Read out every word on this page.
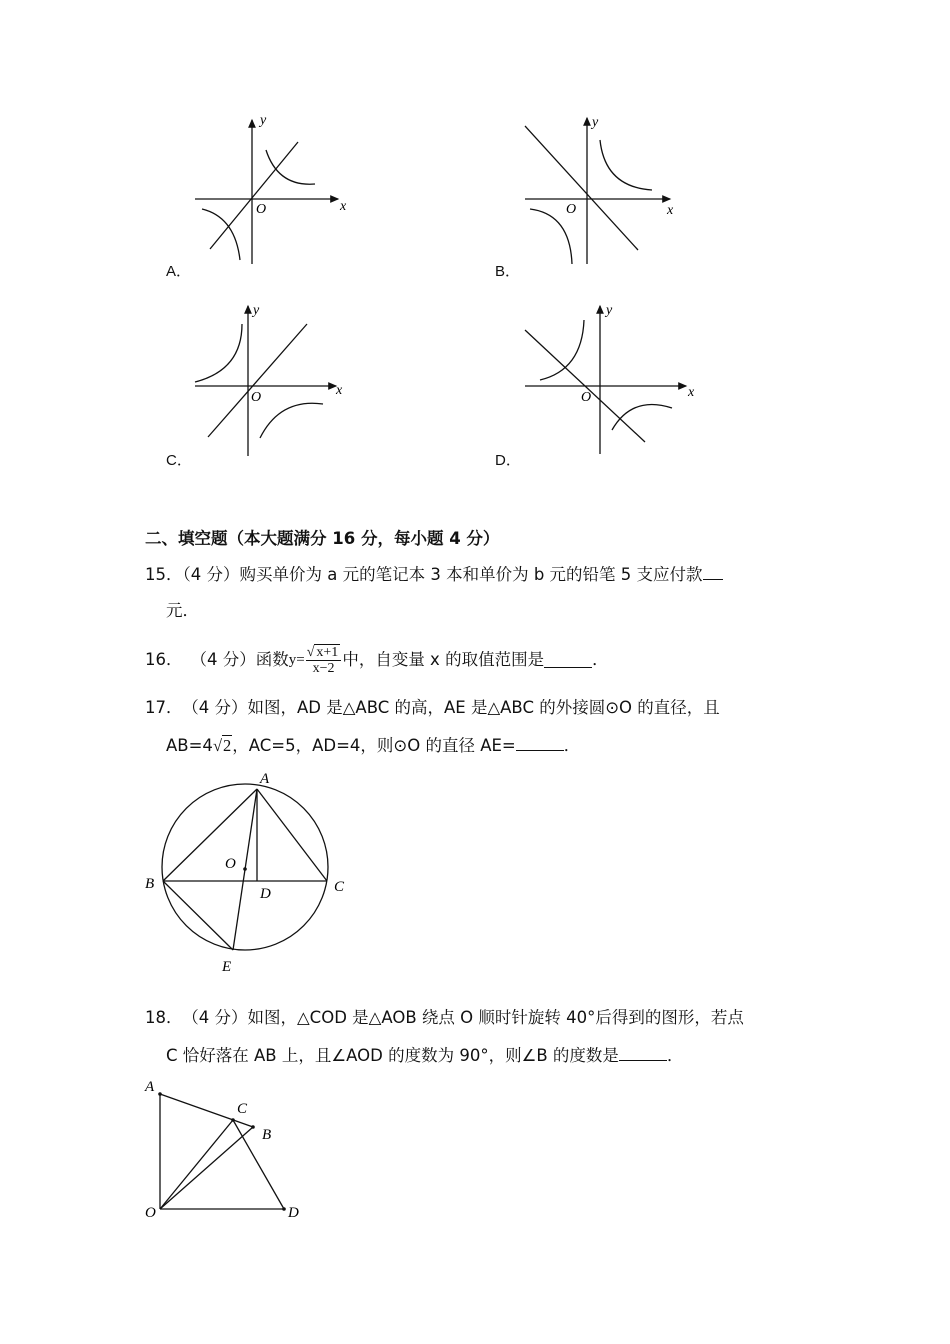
y
x
O
A．
y
x
O
B．
y
x
O
C．
y
x
O
D．
二、填空题（本大题满分 16 分，每小题 4 分）
15．（4 分）购买单价为 a 元的笔记本 3 本和单价为 b 元的铅笔 5 支应付款
元．
16． （4 分）函数 $y= \frac{√ x+1}{x-2}$ 中，自变量 x 的取值范围是	．
17． （4 分）如图，AD 是△ABC 的高，AE 是△ABC 的外接圆⊙O 的直径，且
AB=4√2，AC=5，AD=4，则⊙O 的直径 AE=	．
A
B	C
D
E
O
18． （4 分）如图，△COD 是△AOB 绕点 O 顺时针旋转 40°后得到的图形，若点
C 恰好落在 AB 上，且∠AOD 的度数为 90°，则∠B 的度数是	．
A
C
B
O	D
